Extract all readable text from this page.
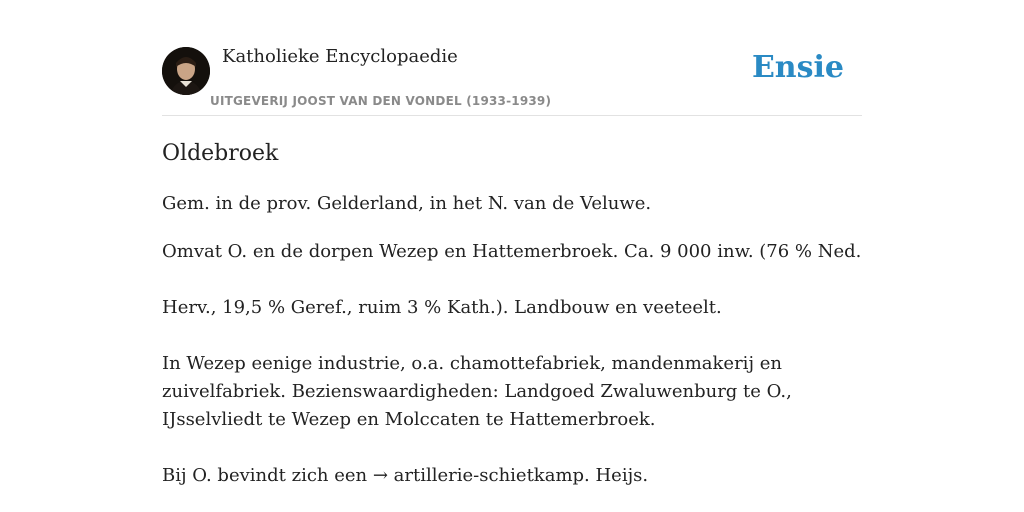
Katholieke Encyclopaedie
UITGEVERIJ JOOST VAN DEN VONDEL (1933-1939)
Ensie
Oldebroek

Gem. in de prov. Gelderland, in het N. van de Veluwe.

Omvat O. en de dorpen Wezep en Hattemerbroek. Ca. 9 000 inw. (76 % Ned.

Herv., 19,5 % Geref., ruim 3 % Kath.). Landbouw en veeteelt.

In Wezep eenige industrie, o.a. chamottefabriek, mandenmakerij en zuivelfabriek. Bezienswaardigheden: Landgoed Zwaluwenburg te O., IJsselvliedt te Wezep en Molccaten te Hattemerbroek.

Bij O. bevindt zich een → artillerie-schietkamp. Heijs.
